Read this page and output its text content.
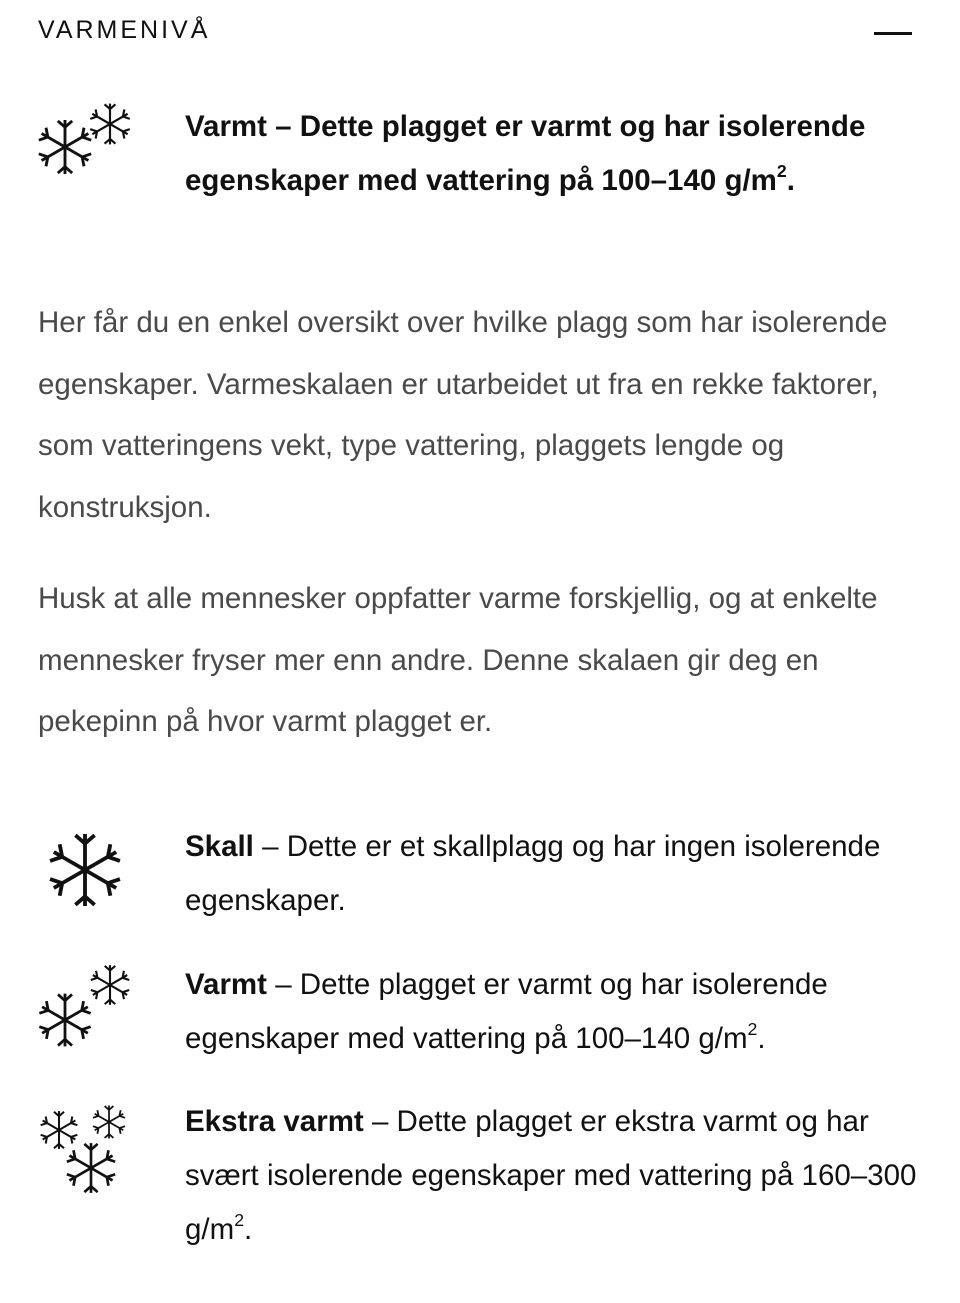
VARMENIVÅ
Varmt – Dette plagget er varmt og har isolerende egenskaper med vattering på 100–140 $g/m^2$.

Her får du en enkel oversikt over hvilke plagg som har isolerende egenskaper. Varmeskalaen er utarbeidet ut fra en rekke faktorer, som vatteringens vekt, type vattering, plaggets lengde og konstruksjon.

Husk at alle mennesker oppfatter varme forskjellig, og at enkelte mennesker fryser mer enn andre. Denne skalaen gir deg en pekepinn på hvor varmt plagget er.

Skall – Dette er et skallplagg og har ingen isolerende egenskaper.
Varmt – Dette plagget er varmt og har isolerende egenskaper med vattering på 100–140 $g/m^2$.
Ekstra varmt – Dette plagget er ekstra varmt og har svært isolerende egenskaper med vattering på 160–300 $g/m^2$.
